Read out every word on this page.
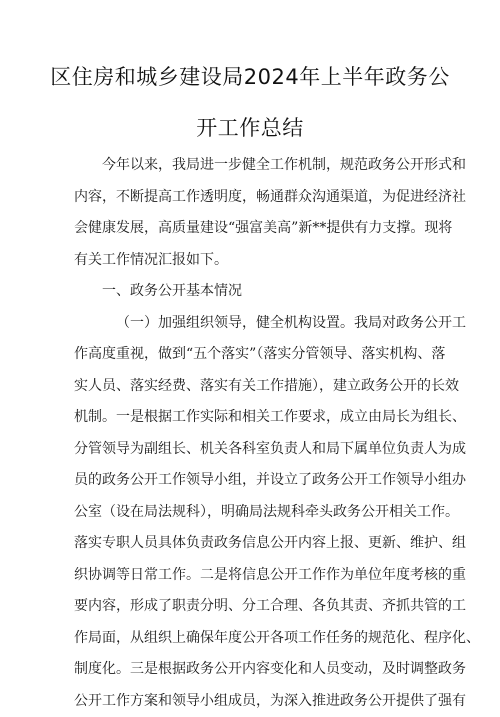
区住房和城乡建设局2024年上半年政务公
开工作总结
今年以来，我局进一步健全工作机制，规范政务公开形式和
内容，不断提高工作透明度，畅通群众沟通渠道，为促进经济社
会健康发展，高质量建设“强富美高”新**提供有力支撑。现将
有关工作情况汇报如下。
一、政务公开基本情况
（一）加强组织领导，健全机构设置。我局对政务公开工
作高度重视，做到“五个落实”（落实分管领导、落实机构、落
实人员、落实经费、落实有关工作措施），建立政务公开的长效
机制。一是根据工作实际和相关工作要求，成立由局长为组长、
分管领导为副组长、机关各科室负责人和局下属单位负责人为成
员的政务公开工作领导小组，并设立了政务公开工作领导小组办
公室（设在局法规科），明确局法规科牵头政务公开相关工作。
落实专职人员具体负责政务信息公开内容上报、更新、维护、组
织协调等日常工作。二是将信息公开工作作为单位年度考核的重
要内容，形成了职责分明、分工合理、各负其责、齐抓共管的工
作局面，从组织上确保年度公开各项工作任务的规范化、程序化、
制度化。三是根据政务公开内容变化和人员变动，及时调整政务
公开工作方案和领导小组成员，为深入推进政务公开提供了强有
